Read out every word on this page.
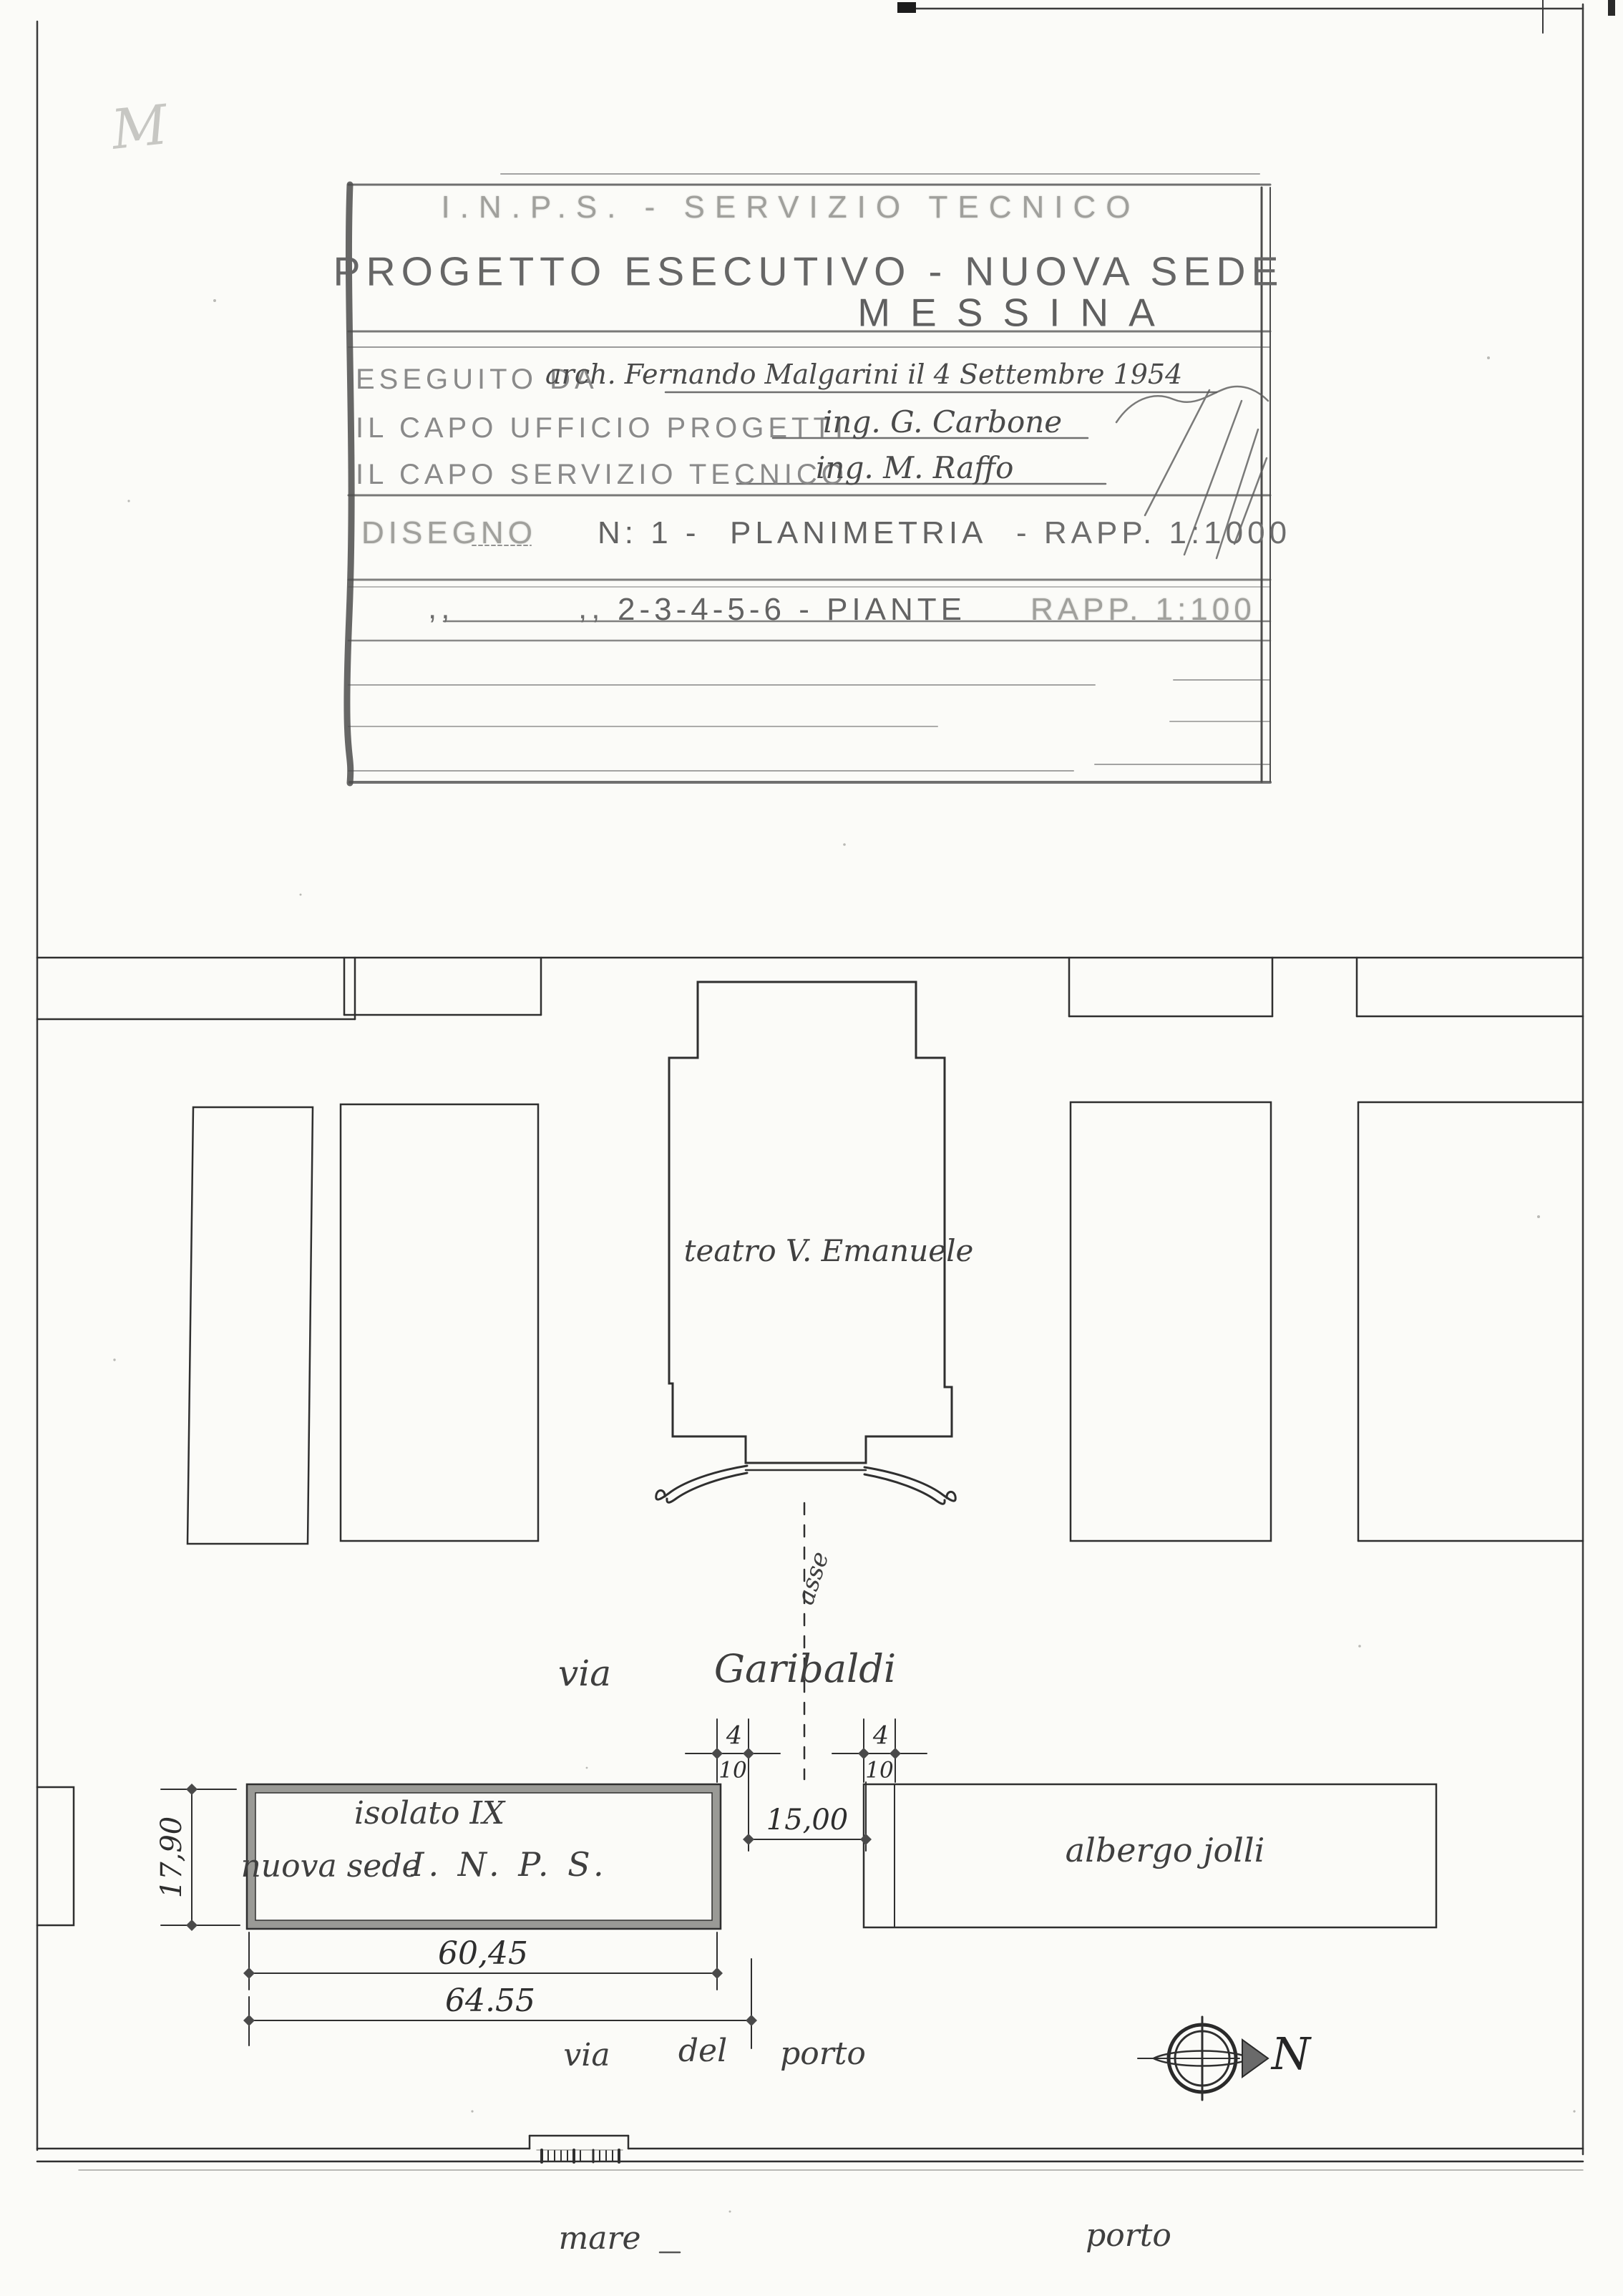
M
I.N.P.S. - SERVIZIO TECNICO
PROGETTO ESECUTIVO - NUOVA SEDE
MESSINA
ESEGUITO DA
arch. Fernando Malgarini il 4 Settembre 1954
IL CAPO UFFICIO PROGETTI
ing. G. Carbone
IL CAPO SERVIZIO TECNICO
ing. M. Raffo
DISEGNO N: 1 - PLANIMETRIA - RAPP. 1:1000
,,	,, 2-3-4-5-6 - PIANTE RAPP. 1:100
teatro V. Emanuele
asse
via	Garibaldi
isolato IX
nuova sede
I. N. P. S.	albergo jolli
via del porto	N
mare	porto
17,90	15,00
4
10
4
10
60,45
64.55
